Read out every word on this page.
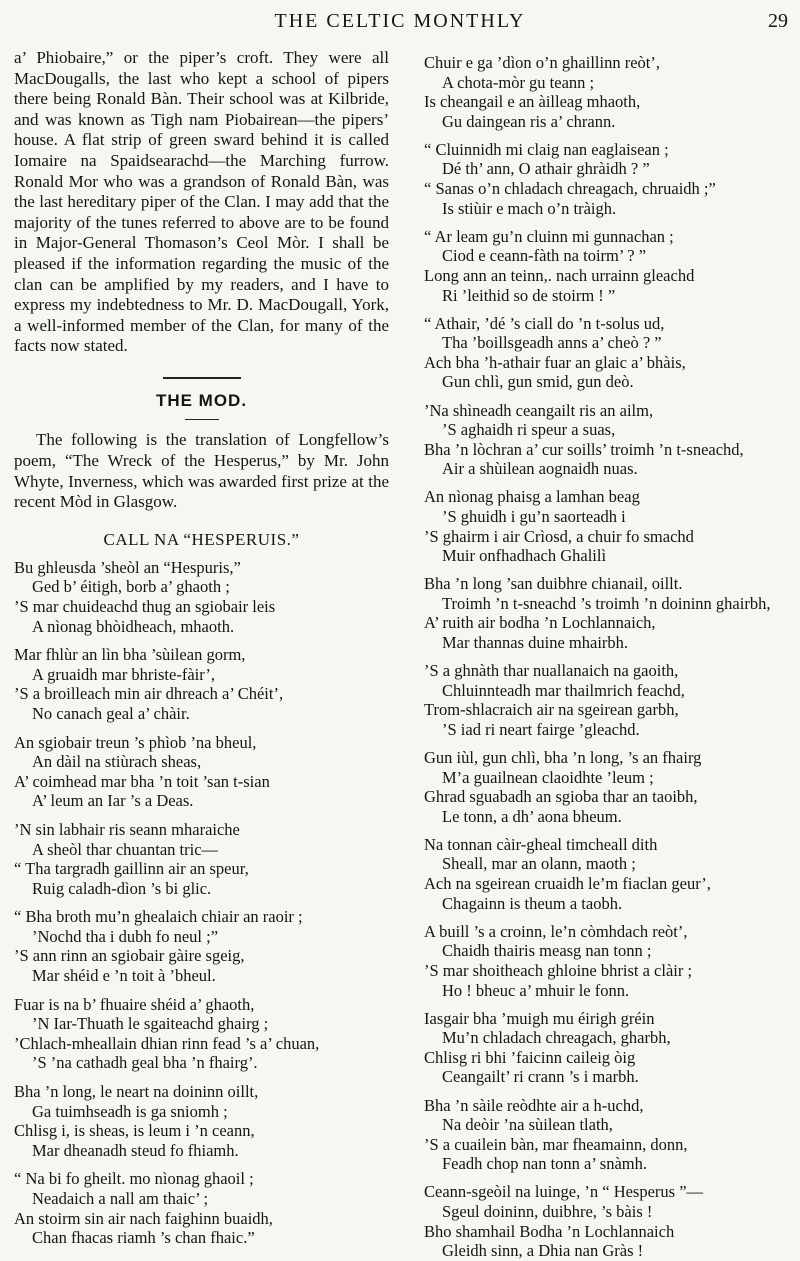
THE CELTIC MONTHLY	29

a’ Phiobaire,” or the piper’s croft. They were all MacDougalls, the last who kept a school of pipers there being Ronald Bàn. Their school was at Kilbride, and was known as Tigh nam Piobairean—the pipers’ house. A flat strip of green sward behind it is called Iomaire na Spaidsearachd—the Marching furrow. Ronald Mor who was a grandson of Ronald Bàn, was the last hereditary piper of the Clan. I may add that the majority of the tunes referred to above are to be found in Major-General Thomason’s Ceol Mòr. I shall be pleased if the information regarding the music of the clan can be amplified by my readers, and I have to express my indebtedness to Mr. D. MacDougall, York, a well-informed member of the Clan, for many of the facts now stated.

THE MOD.

The following is the translation of Longfellow’s poem, “The Wreck of the Hesperus,” by Mr. John Whyte, Inverness, which was awarded first prize at the recent Mòd in Glasgow.

CALL NA “HESPERUIS.”
Bu ghleusda ’sheòl an “Hespuris,”
Ged b’ éitigh, borb a’ ghaoth ;
’S mar chuideachd thug an sgiobair leis
A nìonag bhòidheach, mhaoth.
Mar fhlùr an lìn bha ’sùilean gorm,
A gruaidh mar bhriste-fàir’,
’S a broilleach min air dhreach a’ Chéit’,
No canach geal a’ chàir.
An sgiobair treun ’s phìob ’na bheul,
An dàil na stiùrach sheas,
A’ coimhead mar bha ’n toit ’san t-sian
A’ leum an Iar ’s a Deas.
’N sin labhair ris seann mharaiche
A sheòl thar chuantan tric—
“ Tha targradh gaillinn air an speur,
Ruig caladh-dìon ’s bi glic.
“ Bha broth mu’n ghealaich chiair an raoir ;
’Nochd tha i dubh fo neul ;”
’S ann rinn an sgiobair gàire sgeig,
Mar shéid e ’n toit à ’bheul.
Fuar is na b’ fhuaire shéid a’ ghaoth,
’N Iar-Thuath le sgaiteachd ghairg ;
’Chlach-mheallain dhian rinn fead ’s a’ chuan,
’S ’na cathadh geal bha ’n fhairg’.
Bha ’n long, le neart na doininn oillt,
Ga tuimhseadh is ga sniomh ;
Chlisg i, is sheas, is leum i ’n ceann,
Mar dheanadh steud fo fhiamh.
“ Na bi fo gheilt. mo nìonag ghaoil ;
Neadaich a nall am thaic’ ;
An stoirm sin air nach faighinn buaidh,
Chan fhacas riamh ’s chan fhaic.”
Chuir e ga ’dìon o’n ghaillinn reòt’,
A chota-mòr gu teann ;
Is cheangail e an àilleag mhaoth,
Gu daingean ris a’ chrann.
“ Cluinnidh mi claig nan eaglaisean ;
Dé th’ ann, O athair ghràidh ? ”
“ Sanas o’n chladach chreagach, chruaidh ;”
Is stiùir e mach o’n tràigh.
“ Ar leam gu’n cluinn mi gunnachan ;
Ciod e ceann-fàth na toirm’ ? ”
Long ann an teinn,. nach urrainn gleachd
Ri ’leithid so de stoirm ! ”
“ Athair, ’dé ’s ciall do ’n t-solus ud,
Tha ’boillsgeadh anns a’ cheò ? ”
Ach bha ’h-athair fuar an glaic a’ bhàis,
Gun chlì, gun smid, gun deò.
’Na shìneadh ceangailt ris an ailm,
’S aghaidh ri speur a suas,
Bha ’n lòchran a’ cur soills’ troimh ’n t-sneachd,
Air a shùilean aognaidh nuas.
An nìonag phaisg a lamhan beag
’S ghuidh i gu’n saorteadh i
’S ghairm i air Crìosd, a chuir fo smachd
Muir onfhadhach Ghalilì
Bha ’n long ’san duibhre chianail, oillt.
Troimh ’n t-sneachd ’s troimh ’n doininn ghairbh,
A’ ruith air bodha ’n Lochlannaich,
Mar thannas duine mhairbh.
’S a ghnàth thar nuallanaich na gaoith,
Chluinnteadh mar thailmrich feachd,
Trom-shlacraich air na sgeirean garbh,
’S iad ri neart fairge ’gleachd.
Gun iùl, gun chlì, bha ’n long, ’s an fhairg
M’a guailnean claoidhte ’leum ;
Ghrad sguabadh an sgioba thar an taoibh,
Le tonn, a dh’ aona bheum.
Na tonnan càir-gheal timcheall dith
Sheall, mar an olann, maoth ;
Ach na sgeirean cruaidh le’m fiaclan geur’,
Chagainn is theum a taobh.
A buill ’s a croinn, le’n còmhdach reòt’,
Chaidh thairis measg nan tonn ;
’S mar shoitheach ghloine bhrist a clàir ;
Ho ! bheuc a’ mhuir le fonn.
Iasgair bha ’muigh mu éirigh gréin
Mu’n chladach chreagach, gharbh,
Chlisg ri bhi ’faicinn caileig òig
Ceangailt’ ri crann ’s i marbh.
Bha ’n sàile reòdhte air a h-uchd,
Na deòir ’na sùilean tlath,
’S a cuailein bàn, mar fheamainn, donn,
Feadh chop nan tonn a’ snàmh.
Ceann-sgeòil na luinge, ’n “ Hesperus ”—
Sgeul doininn, duibhre, ’s bàis !
Bho shamhail Bodha ’n Lochlannaich
Gleidh sinn, a Dhia nan Gràs !
